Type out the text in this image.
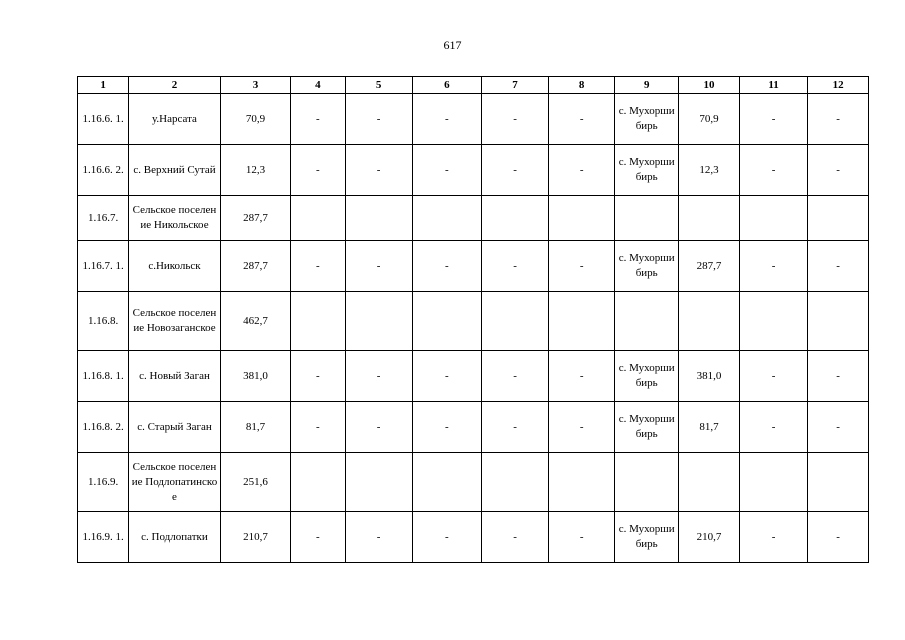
617
1	2	3	4	5	6	7	8	9	10	11	12
1.16.6. 1.	у.Нарсата	70,9	-	-	-	-	-	с. Мухоршибирь	70,9	-	-
1.16.6. 2.	с. Верхний Сутай	12,3	-	-	-	-	-	с. Мухоршибирь	12,3	-	-
1.16.7.	Сельское поселение Никольское	287,7									
1.16.7. 1.	с.Никольск	287,7	-	-	-	-	-	с. Мухоршибирь	287,7	-	-
1.16.8.	Сельское поселение Новозаганское	462,7									
1.16.8. 1.	с. Новый Заган	381,0	-	-	-	-	-	с. Мухоршибирь	381,0	-	-
1.16.8. 2.	с. Старый Заган	81,7	-	-	-	-	-	с. Мухоршибирь	81,7	-	-
1.16.9.	Сельское поселение Подлопатинское	251,6									
1.16.9. 1.	с. Подлопатки	210,7	-	-	-	-	-	с. Мухоршибирь	210,7	-	-
